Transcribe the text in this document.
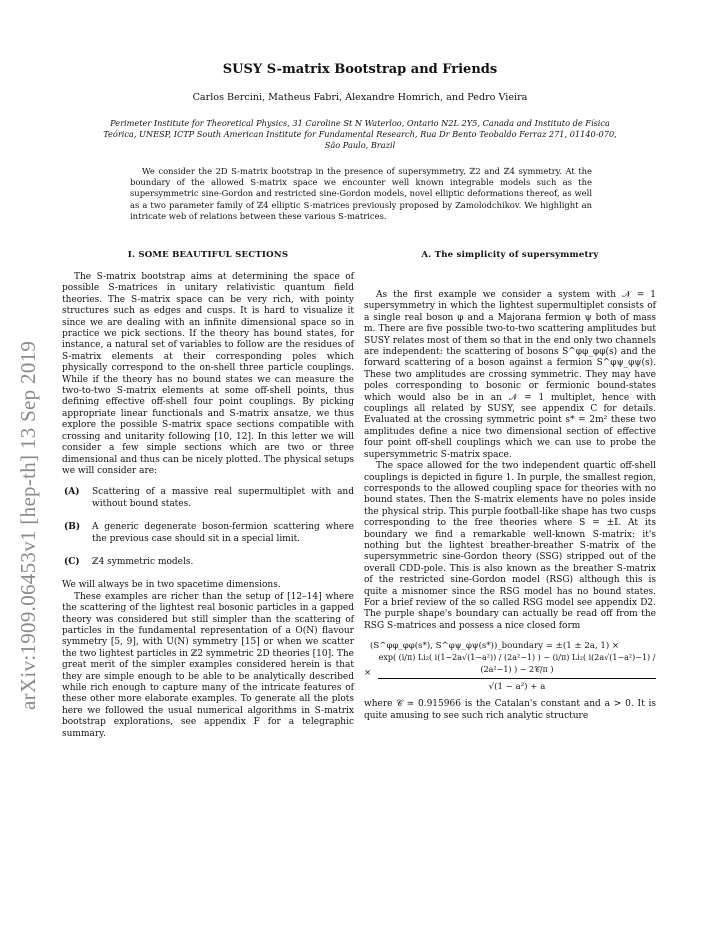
arXiv:1909.06453v1 [hep-th] 13 Sep 2019
SUSY S-matrix Bootstrap and Friends
Carlos Bercini, Matheus Fabri, Alexandre Homrich, and Pedro Vieira
Perimeter Institute for Theoretical Physics, 31 Caroline St N Waterloo, Ontario N2L 2Y5, Canada and Instituto de Física Teórica, UNESP, ICTP South American Institute for Fundamental Research, Rua Dr Bento Teobaldo Ferraz 271, 01140-070, São Paulo, Brazil
We consider the 2D S-matrix bootstrap in the presence of supersymmetry, ℤ2 and ℤ4 symmetry. At the boundary of the allowed S-matrix space we encounter well known integrable models such as the supersymmetric sine-Gordon and restricted sine-Gordon models, novel elliptic deformations thereof, as well as a two parameter family of ℤ4 elliptic S-matrices previously proposed by Zamolodchikov. We highlight an intricate web of relations between these various S-matrices.
I. SOME BEAUTIFUL SECTIONS

The S-matrix bootstrap aims at determining the space of possible S-matrices in unitary relativistic quantum field theories. The S-matrix space can be very rich, with pointy structures such as edges and cusps. It is hard to visualize it since we are dealing with an infinite dimensional space so in practice we pick sections. If the theory has bound states, for instance, a natural set of variables to follow are the residues of S-matrix elements at their corresponding poles which physically correspond to the on-shell three particle couplings. While if the theory has no bound states we can measure the two-to-two S-matrix elements at some off-shell points, thus defining effective off-shell four point couplings. By picking appropriate linear functionals and S-matrix ansatze, we thus explore the possible S-matrix space sections compatible with crossing and unitarity following [10, 12]. In this letter we will consider a few simple sections which are two or three dimensional and thus can be nicely plotted. The physical setups we will consider are:

(A) Scattering of a massive real supermultiplet with and without bound states.
(B) A generic degenerate boson-fermion scattering where the previous case should sit in a special limit.
(C) ℤ4 symmetric models.

We will always be in two spacetime dimensions.

These examples are richer than the setup of [12–14] where the scattering of the lightest real bosonic particles in a gapped theory was considered but still simpler than the scattering of particles in the fundamental representation of a O(N) flavour symmetry [5, 9], with U(N) symmetry [15] or when we scatter the two lightest particles in ℤ2 symmetric 2D theories [10]. The great merit of the simpler examples considered herein is that they are simple enough to be able to be analytically described while rich enough to capture many of the intricate features of these other more elaborate examples. To generate all the plots here we followed the usual numerical algorithms in S-matrix bootstrap explorations, see appendix F for a telegraphic summary.

A. The simplicity of supersymmetry

As the first example we consider a system with 𝒩 = 1 supersymmetry in which the lightest supermultiplet consists of a single real boson φ and a Majorana fermion ψ both of mass m. There are five possible two-to-two scattering amplitudes but SUSY relates most of them so that in the end only two channels are independent: the scattering of bosons S^φφ_φφ(s) and the forward scattering of a boson against a fermion S^φψ_φψ(s). These two amplitudes are crossing symmetric. They may have poles corresponding to bosonic or fermionic bound-states which would also be in an 𝒩 = 1 multiplet, hence with couplings all related by SUSY, see appendix C for details. Evaluated at the crossing symmetric point s* = 2m² these two amplitudes define a nice two dimensional section of effective four point off-shell couplings which we can use to probe the supersymmetric S-matrix space.

The space allowed for the two independent quartic off-shell couplings is depicted in figure 1. In purple, the smallest region, corresponds to the allowed coupling space for theories with no bound states. Then the S-matrix elements have no poles inside the physical strip. This purple football-like shape has two cusps corresponding to the free theories where S = ±𝕀. At its boundary we find a remarkable well-known S-matrix: it's nothing but the lightest breather-breather S-matrix of the supersymmetric sine-Gordon theory (SSG) stripped out of the overall CDD-pole. This is also known as the breather S-matrix of the restricted sine-Gordon model (RSG) although this is quite a misnomer since the RSG model has no bound states. For a brief review of the so called RSG model see appendix D2. The purple shape's boundary can actually be read off from the RSG S-matrices and possess a nice closed form

(S^φφ_φφ(s*), S^φψ_φψ(s*))_boundary = ±(1 ± 2a, 1) ×
×
exp( (i/π) Li₂( i(1−2a√(1−a²)) / (2a²−1) ) − (i/π) Li₂( i(2a√(1−a²)−1) / (2a²−1) ) − 2𝒞/π )
√(1 − a²) + a

where 𝒞 ≃ 0.915966 is the Catalan's constant and a > 0. It is quite amusing to see such rich analytic structure
